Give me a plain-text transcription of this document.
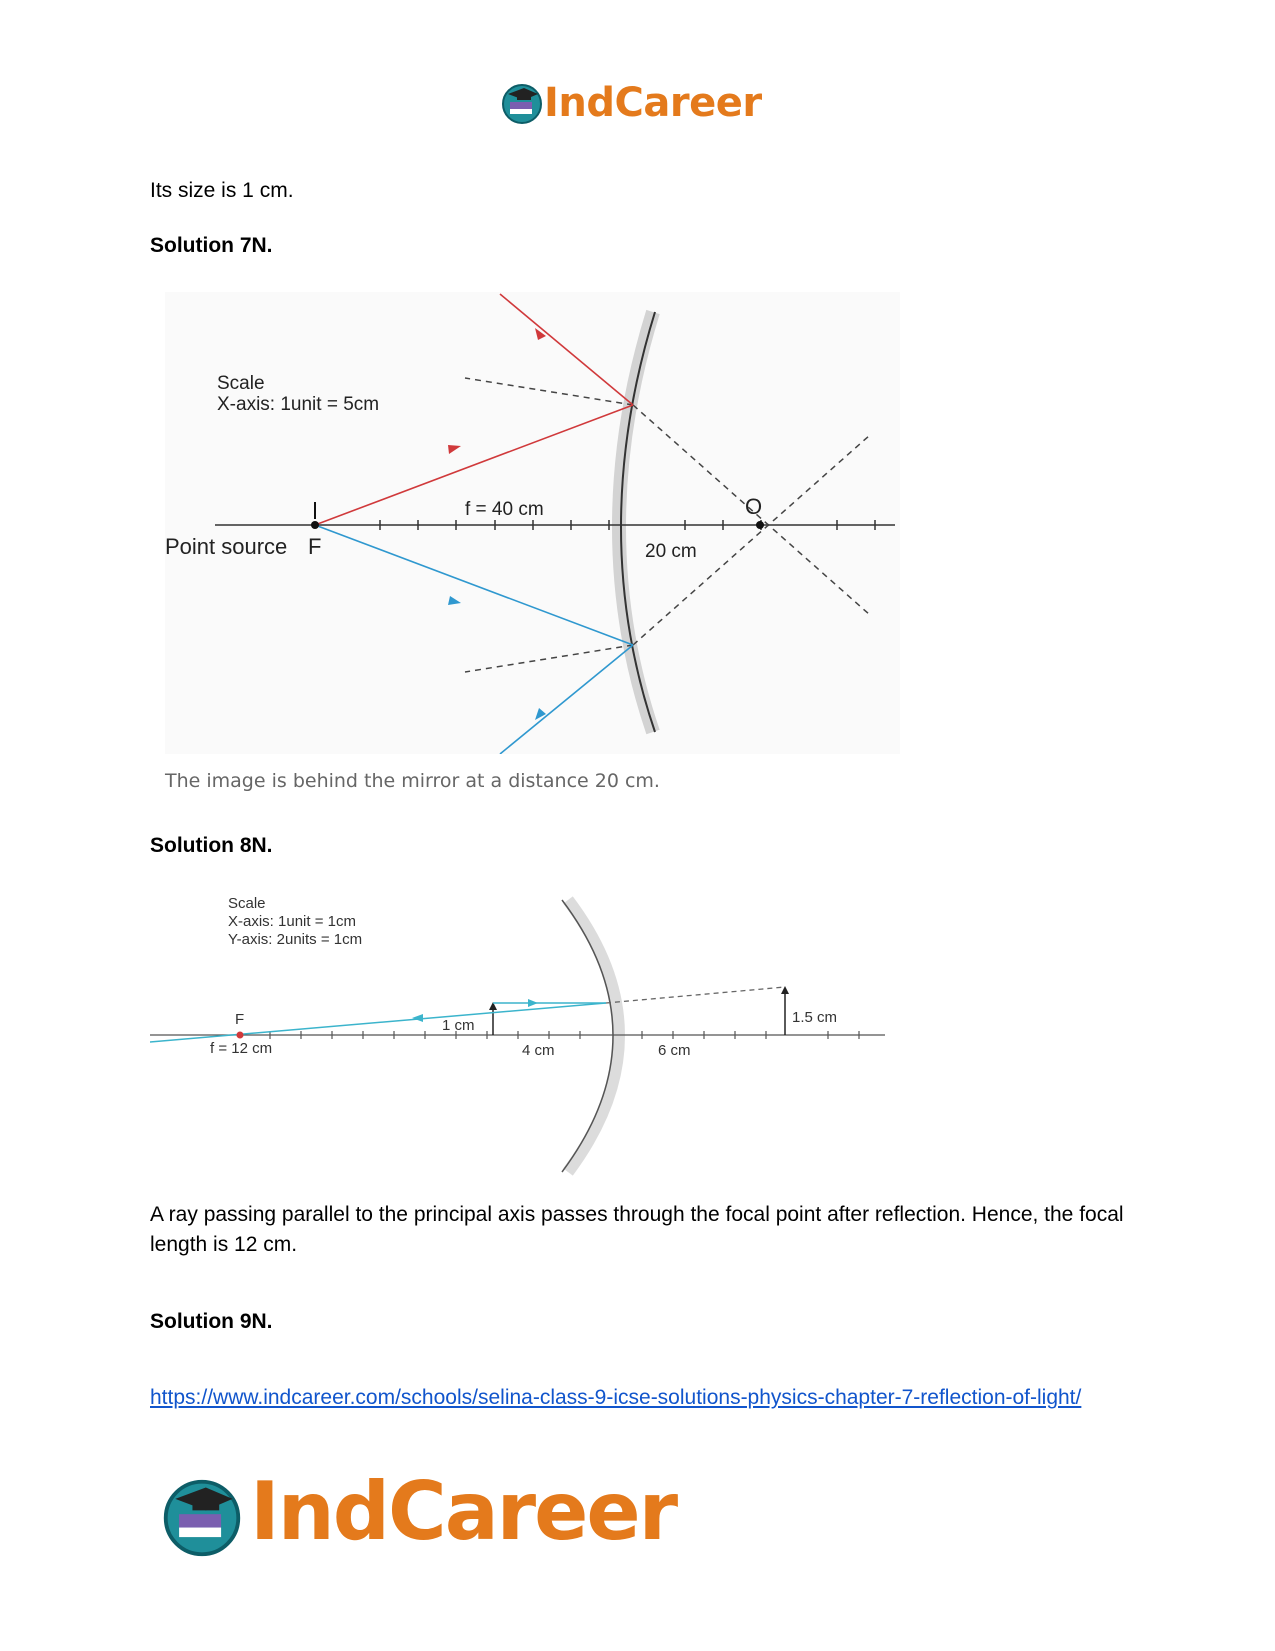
IndCareer
Its size is 1 cm.
Solution 7N.
Scale
X-axis: 1unit = 5cm
Point source F
f = 40 cm	O
20 cm
The image is behind the mirror at a distance 20 cm.
Solution 8N.
Scale
X-axis: 1unit = 1cm
Y-axis: 2units = 1cm
F
f = 12 cm
1 cm
4 cm	6 cm
1.5 cm
A ray passing parallel to the principal axis passes through the focal point after reflection. Hence, the focal length is 12 cm.
Solution 9N.
https://www.indcareer.com/schools/selina-class-9-icse-solutions-physics-chapter-7-reflection-of-light/
IndCareer
